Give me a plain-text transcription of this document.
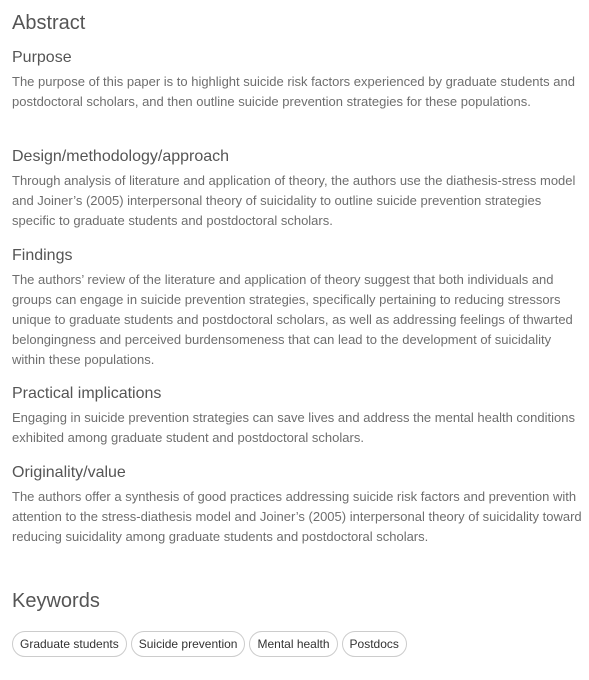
Abstract
Purpose

The purpose of this paper is to highlight suicide risk factors experienced by graduate students and postdoctoral scholars, and then outline suicide prevention strategies for these populations.

Design/methodology/approach

Through analysis of literature and application of theory, the authors use the diathesis-stress model and Joiner’s (2005) interpersonal theory of suicidality to outline suicide prevention strategies specific to graduate students and postdoctoral scholars.

Findings

The authors’ review of the literature and application of theory suggest that both individuals and groups can engage in suicide prevention strategies, specifically pertaining to reducing stressors unique to graduate students and postdoctoral scholars, as well as addressing feelings of thwarted belongingness and perceived burdensomeness that can lead to the development of suicidality within these populations.

Practical implications

Engaging in suicide prevention strategies can save lives and address the mental health conditions exhibited among graduate student and postdoctoral scholars.

Originality/value

The authors offer a synthesis of good practices addressing suicide risk factors and prevention with attention to the stress-diathesis model and Joiner’s (2005) interpersonal theory of suicidality toward reducing suicidality among graduate students and postdoctoral scholars.

Keywords
Graduate students	Suicide prevention	Mental health	Postdocs
